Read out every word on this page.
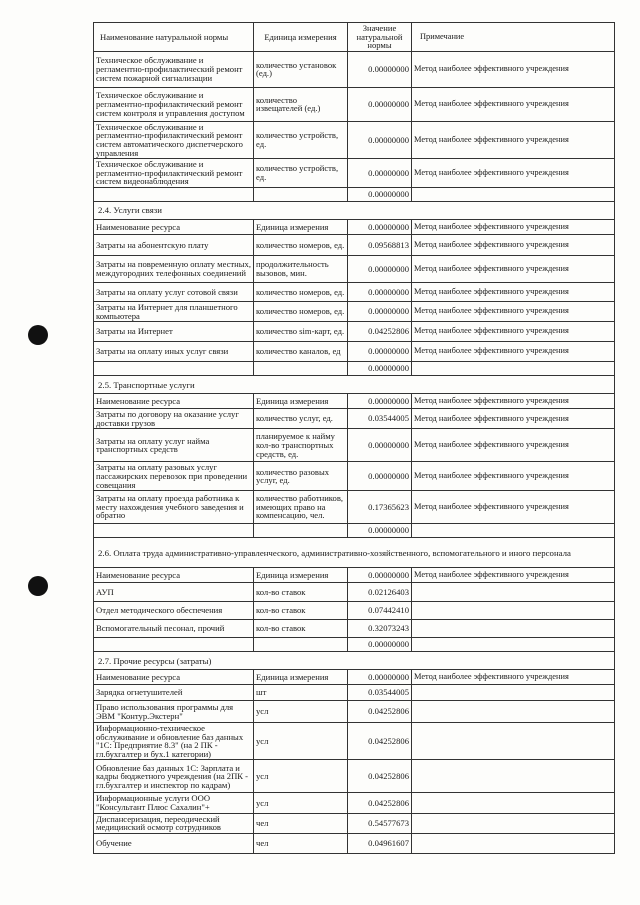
Наименование натуральной нормы	Единица измерения	Значение натуральной нормы	Примечание
Техническое обслуживание и регламентно-профилактический ремонт систем пожарной сигнализации	количество установок (ед.)	0.00000000	Метод наиболее эффективного учреждения
Техническое обслуживание и регламентно-профилактический ремонт систем контроля и управления доступом	количество извещателей (ед.)	0.00000000	Метод наиболее эффективного учреждения
Техническое обслуживание и регламентно-профилактический ремонт систем автоматического диспетчерского управления	количество устройств, ед.	0.00000000	Метод наиболее эффективного учреждения
Техническое обслуживание и регламентно-профилактический ремонт систем видеонаблюдения	количество устройств, ед.	0.00000000	Метод наиболее эффективного учреждения
		0.00000000	
2.4. Услуги связи			
Наименование ресурса	Единица измерения	0.00000000	Метод наиболее эффективного учреждения
Затраты на абонентскую плату	количество номеров, ед.	0.09568813	Метод наиболее эффективного учреждения
Затраты на повременную оплату местных, междугородних телефонных соединений	продолжительность вызовов, мин.	0.00000000	Метод наиболее эффективного учреждения
Затраты на оплату услуг сотовой связи	количество номеров, ед.	0.00000000	Метод наиболее эффективного учреждения
Затраты на Интернет для планшетного компьютера	количество номеров, ед.	0.00000000	Метод наиболее эффективного учреждения
Затраты на Интернет	количество sim-карт, ед.	0.04252806	Метод наиболее эффективного учреждения
Затраты на оплату иных услуг связи	количество каналов, ед	0.00000000	Метод наиболее эффективного учреждения
		0.00000000	
2.5. Транспортные услуги			
Наименование ресурса	Единица измерения	0.00000000	Метод наиболее эффективного учреждения
Затраты по договору на оказание услуг доставки грузов	количество услуг, ед.	0.03544005	Метод наиболее эффективного учреждения
Затраты на оплату услуг найма транспортных средств	планируемое к найму кол-во транспортных средств, ед.	0.00000000	Метод наиболее эффективного учреждения
Затраты на оплату разовых услуг пассажирских перевозок при проведении совещания	количество разовых услуг, ед.	0.00000000	Метод наиболее эффективного учреждения
Затраты на оплату проезда работника к месту нахождения учебного заведения и обратно	количество работников, имеющих право на компенсацию, чел.	0.17365623	Метод наиболее эффективного учреждения
		0.00000000	
2.6. Оплата труда административно-управленческого, административно-хозяйственного, вспомогательного и иного персонала			
Наименование ресурса	Единица измерения	0.00000000	Метод наиболее эффективного учреждения
АУП	кол-во ставок	0.02126403	
Отдел методического обеспечения	кол-во ставок	0.07442410	
Вспомогательный песонал, прочий	кол-во ставок	0.32073243	
		0.00000000	
2.7. Прочие ресурсы (затраты)			
Наименование ресурса	Единица измерения	0.00000000	Метод наиболее эффективного учреждения
Зарядка огнетушителей	шт	0.03544005	
Право использования программы для ЭВМ "Контур.Экстерн"	усл	0.04252806	
Информационно-техническое обслуживание и обновление баз данных "1С: Предприятие 8.3" (на 2 ПК - гл.бухгалтер и бух.1 категории)	усл	0.04252806	
Обновление баз данных 1С: Зарплата и кадры бюджетного учреждения (на 2ПК - гл.бухгалтер и инспектор по кадрам)	усл	0.04252806	
Информационные услуги ООО "Консультант Плюс Сахалин"+	усл	0.04252806	
Диспансеризация, переодический медицинский осмотр сотрудников	чел	0.54577673	
Обучение	чел	0.04961607	
